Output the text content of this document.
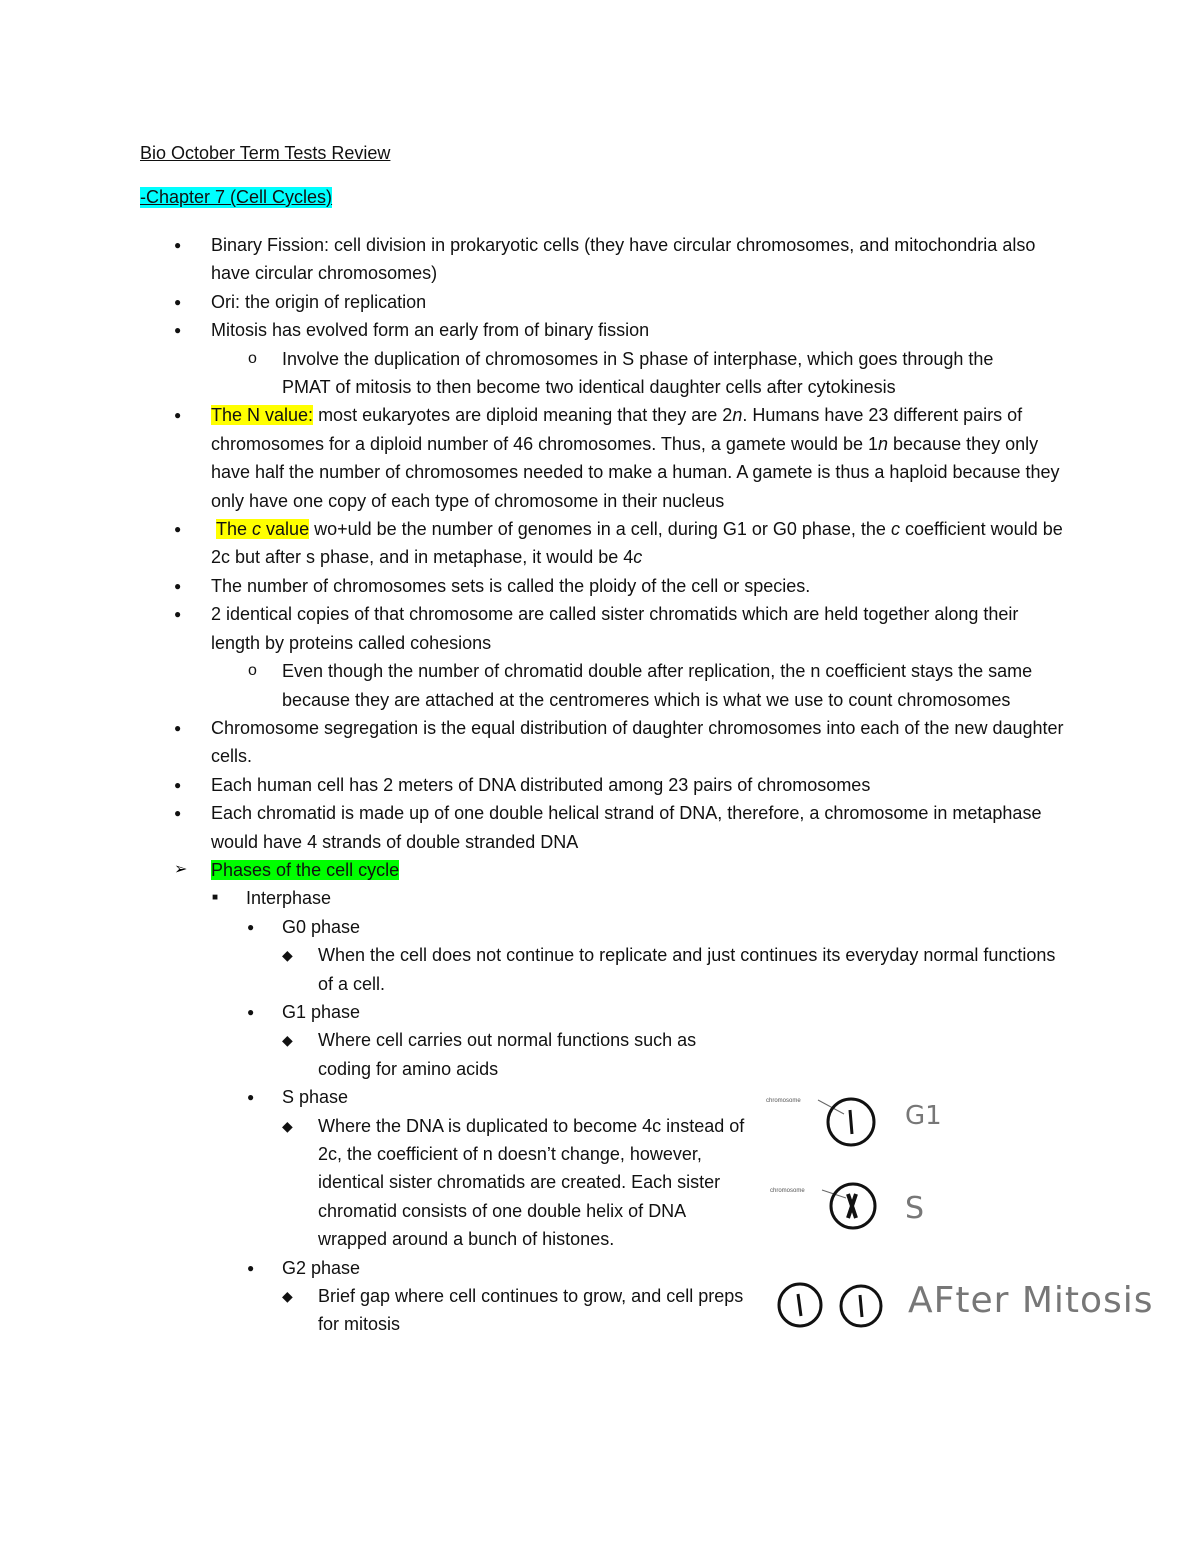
Bio October Term Tests Review
-Chapter 7 (Cell Cycles)
● Binary Fission: cell division in prokaryotic cells (they have circular chromosomes, and mitochondria also have circular chromosomes)
● Ori: the origin of replication
● Mitosis has evolved form an early from of binary fission
o Involve the duplication of chromosomes in S phase of interphase, which goes through the PMAT of mitosis to then become two identical daughter cells after cytokinesis
● The N value: most eukaryotes are diploid meaning that they are 2n. Humans have 23 different pairs of chromosomes for a diploid number of 46 chromosomes. Thus, a gamete would be 1n because they only have half the number of chromosomes needed to make a human. A gamete is thus a haploid because they only have one copy of each type of chromosome in their nucleus
● The c value wo+uld be the number of genomes in a cell, during G1 or G0 phase, the c coefficient would be 2c but after s phase, and in metaphase, it would be 4c
● The number of chromosomes sets is called the ploidy of the cell or species.
● 2 identical copies of that chromosome are called sister chromatids which are held together along their length by proteins called cohesions
o Even though the number of chromatid double after replication, the n coefficient stays the same because they are attached at the centromeres which is what we use to count chromosomes
● Chromosome segregation is the equal distribution of daughter chromosomes into each of the new daughter cells.
● Each human cell has 2 meters of DNA distributed among 23 pairs of chromosomes
● Each chromatid is made up of one double helical strand of DNA, therefore, a chromosome in metaphase would have 4 strands of double stranded DNA
➢ Phases of the cell cycle
■ Interphase
● G0 phase
◆ When the cell does not continue to replicate and just continues its everyday normal functions of a cell.
● G1 phase
◆ Where cell carries out normal functions such as coding for amino acids
● S phase
◆ Where the DNA is duplicated to become 4c instead of 2c, the coefficient of n doesn’t change, however, identical sister chromatids are created. Each sister chromatid consists of one double helix of DNA wrapped around a bunch of histones.
● G2 phase
◆ Brief gap where cell continues to grow, and cell preps for mitosis
chromosome	G1
chromosome	S
AFter Mitosis
